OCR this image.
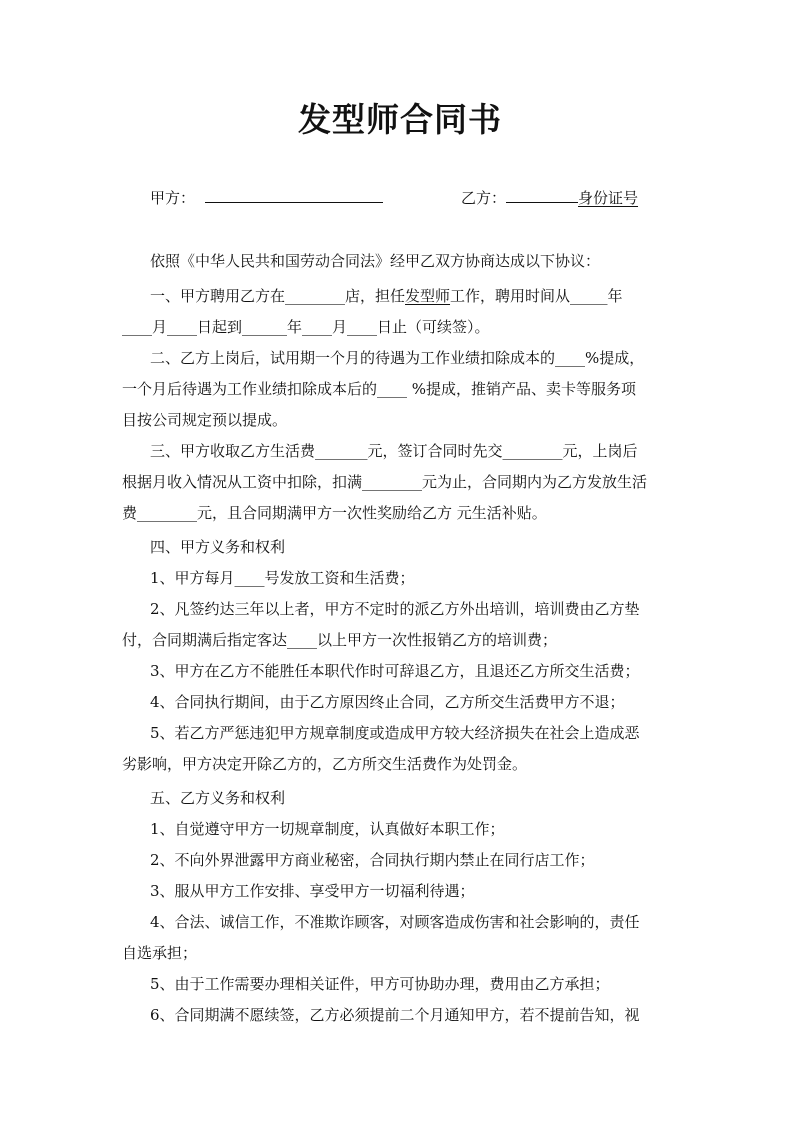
发型师合同书
甲方：	乙方：	身份证号
依照《中华人民共和国劳动合同法》经甲乙双方协商达成以下协议：
一、甲方聘用乙方在________店，担任发型师工作，聘用时间从_____年
____月____日起到______年____月____日止（可续签）。
二、乙方上岗后，试用期一个月的待遇为工作业绩扣除成本的____%提成，
一个月后待遇为工作业绩扣除成本后的____ %提成，推销产品、卖卡等服务项
目按公司规定预以提成。
三、甲方收取乙方生活费_______元，签订合同时先交________元，上岗后
根据月收入情况从工资中扣除，扣满________元为止，合同期内为乙方发放生活
费________元，且合同期满甲方一次性奖励给乙方 元生活补贴。
四、甲方义务和权利
1、甲方每月____号发放工资和生活费；
2、凡签约达三年以上者，甲方不定时的派乙方外出培训，培训费由乙方垫
付，合同期满后指定客达____以上甲方一次性报销乙方的培训费；
3、甲方在乙方不能胜任本职代作时可辞退乙方，且退还乙方所交生活费；
4、合同执行期间，由于乙方原因终止合同，乙方所交生活费甲方不退；
5、若乙方严惩违犯甲方规章制度或造成甲方较大经济损失在社会上造成恶
劣影响，甲方决定开除乙方的，乙方所交生活费作为处罚金。
五、乙方义务和权利
1、自觉遵守甲方一切规章制度，认真做好本职工作；
2、不向外界泄露甲方商业秘密，合同执行期内禁止在同行店工作；
3、服从甲方工作安排、享受甲方一切福利待遇；
4、合法、诚信工作，不准欺诈顾客，对顾客造成伤害和社会影响的，责任
自选承担；
5、由于工作需要办理相关证件，甲方可协助办理，费用由乙方承担；
6、合同期满不愿续签，乙方必须提前二个月通知甲方，若不提前告知，视
